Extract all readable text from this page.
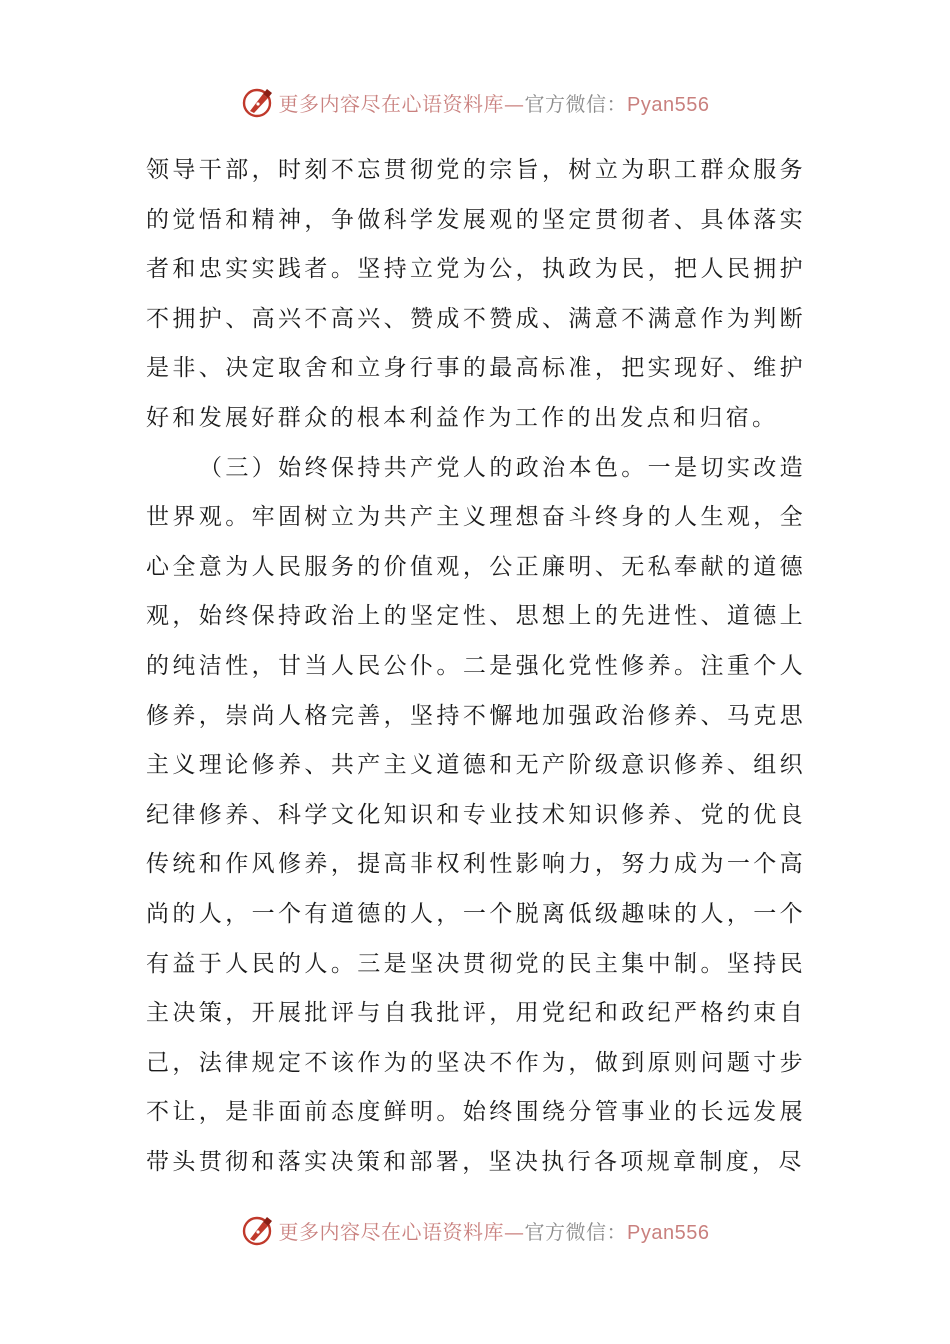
更多内容尽在心语资料库—官方微信：Pyan556

领导干部，时刻不忘贯彻党的宗旨，树立为职工群众服务的觉悟和精神，争做科学发展观的坚定贯彻者、具体落实者和忠实实践者。坚持立党为公，执政为民，把人民拥护不拥护、高兴不高兴、赞成不赞成、满意不满意作为判断是非、决定取舍和立身行事的最高标准，把实现好、维护好和发展好群众的根本利益作为工作的出发点和归宿。

（三）始终保持共产党人的政治本色。一是切实改造世界观。牢固树立为共产主义理想奋斗终身的人生观，全心全意为人民服务的价值观，公正廉明、无私奉献的道德观，始终保持政治上的坚定性、思想上的先进性、道德上的纯洁性，甘当人民公仆。二是强化党性修养。注重个人修养，崇尚人格完善，坚持不懈地加强政治修养、马克思主义理论修养、共产主义道德和无产阶级意识修养、组织纪律修养、科学文化知识和专业技术知识修养、党的优良传统和作风修养，提高非权利性影响力，努力成为一个高尚的人，一个有道德的人，一个脱离低级趣味的人，一个有益于人民的人。三是坚决贯彻党的民主集中制。坚持民主决策，开展批评与自我批评，用党纪和政纪严格约束自己，法律规定不该作为的坚决不作为，做到原则问题寸步不让，是非面前态度鲜明。始终围绕分管事业的长远发展带头贯彻和落实决策和部署，坚决执行各项规章制度，尽

更多内容尽在心语资料库—官方微信：Pyan556
